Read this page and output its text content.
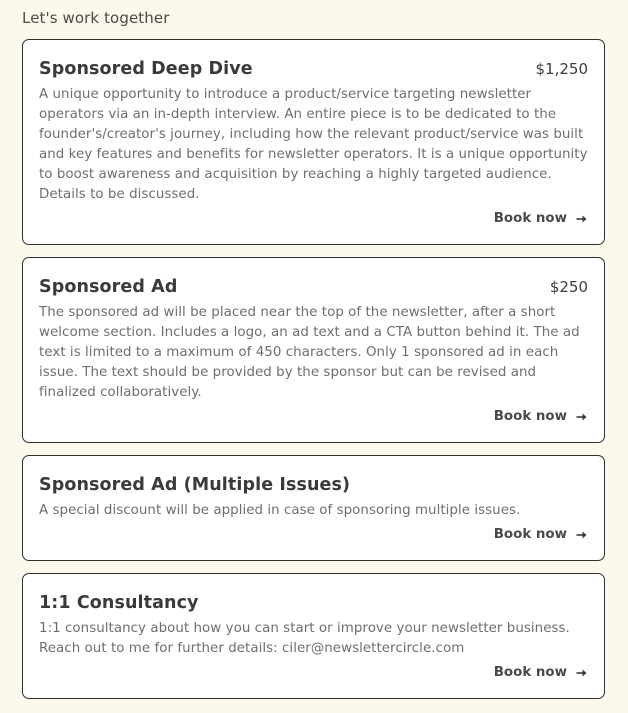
Let's work together
Sponsored Deep Dive	$1,250

A unique opportunity to introduce a product/service targeting newsletter operators via an in-depth interview. An entire piece is to be dedicated to the founder's/creator's journey, including how the relevant product/service was built and key features and benefits for newsletter operators. It is a unique opportunity to boost awareness and acquisition by reaching a highly targeted audience. Details to be discussed.

Book now
Sponsored Ad	$250

The sponsored ad will be placed near the top of the newsletter, after a short welcome section. Includes a logo, an ad text and a CTA button behind it. The ad text is limited to a maximum of 450 characters. Only 1 sponsored ad in each issue. The text should be provided by the sponsor but can be revised and finalized collaboratively.

Book now
Sponsored Ad (Multiple Issues)

A special discount will be applied in case of sponsoring multiple issues.

Book now
1:1 Consultancy

1:1 consultancy about how you can start or improve your newsletter business. Reach out to me for further details: ciler@newslettercircle.com

Book now
